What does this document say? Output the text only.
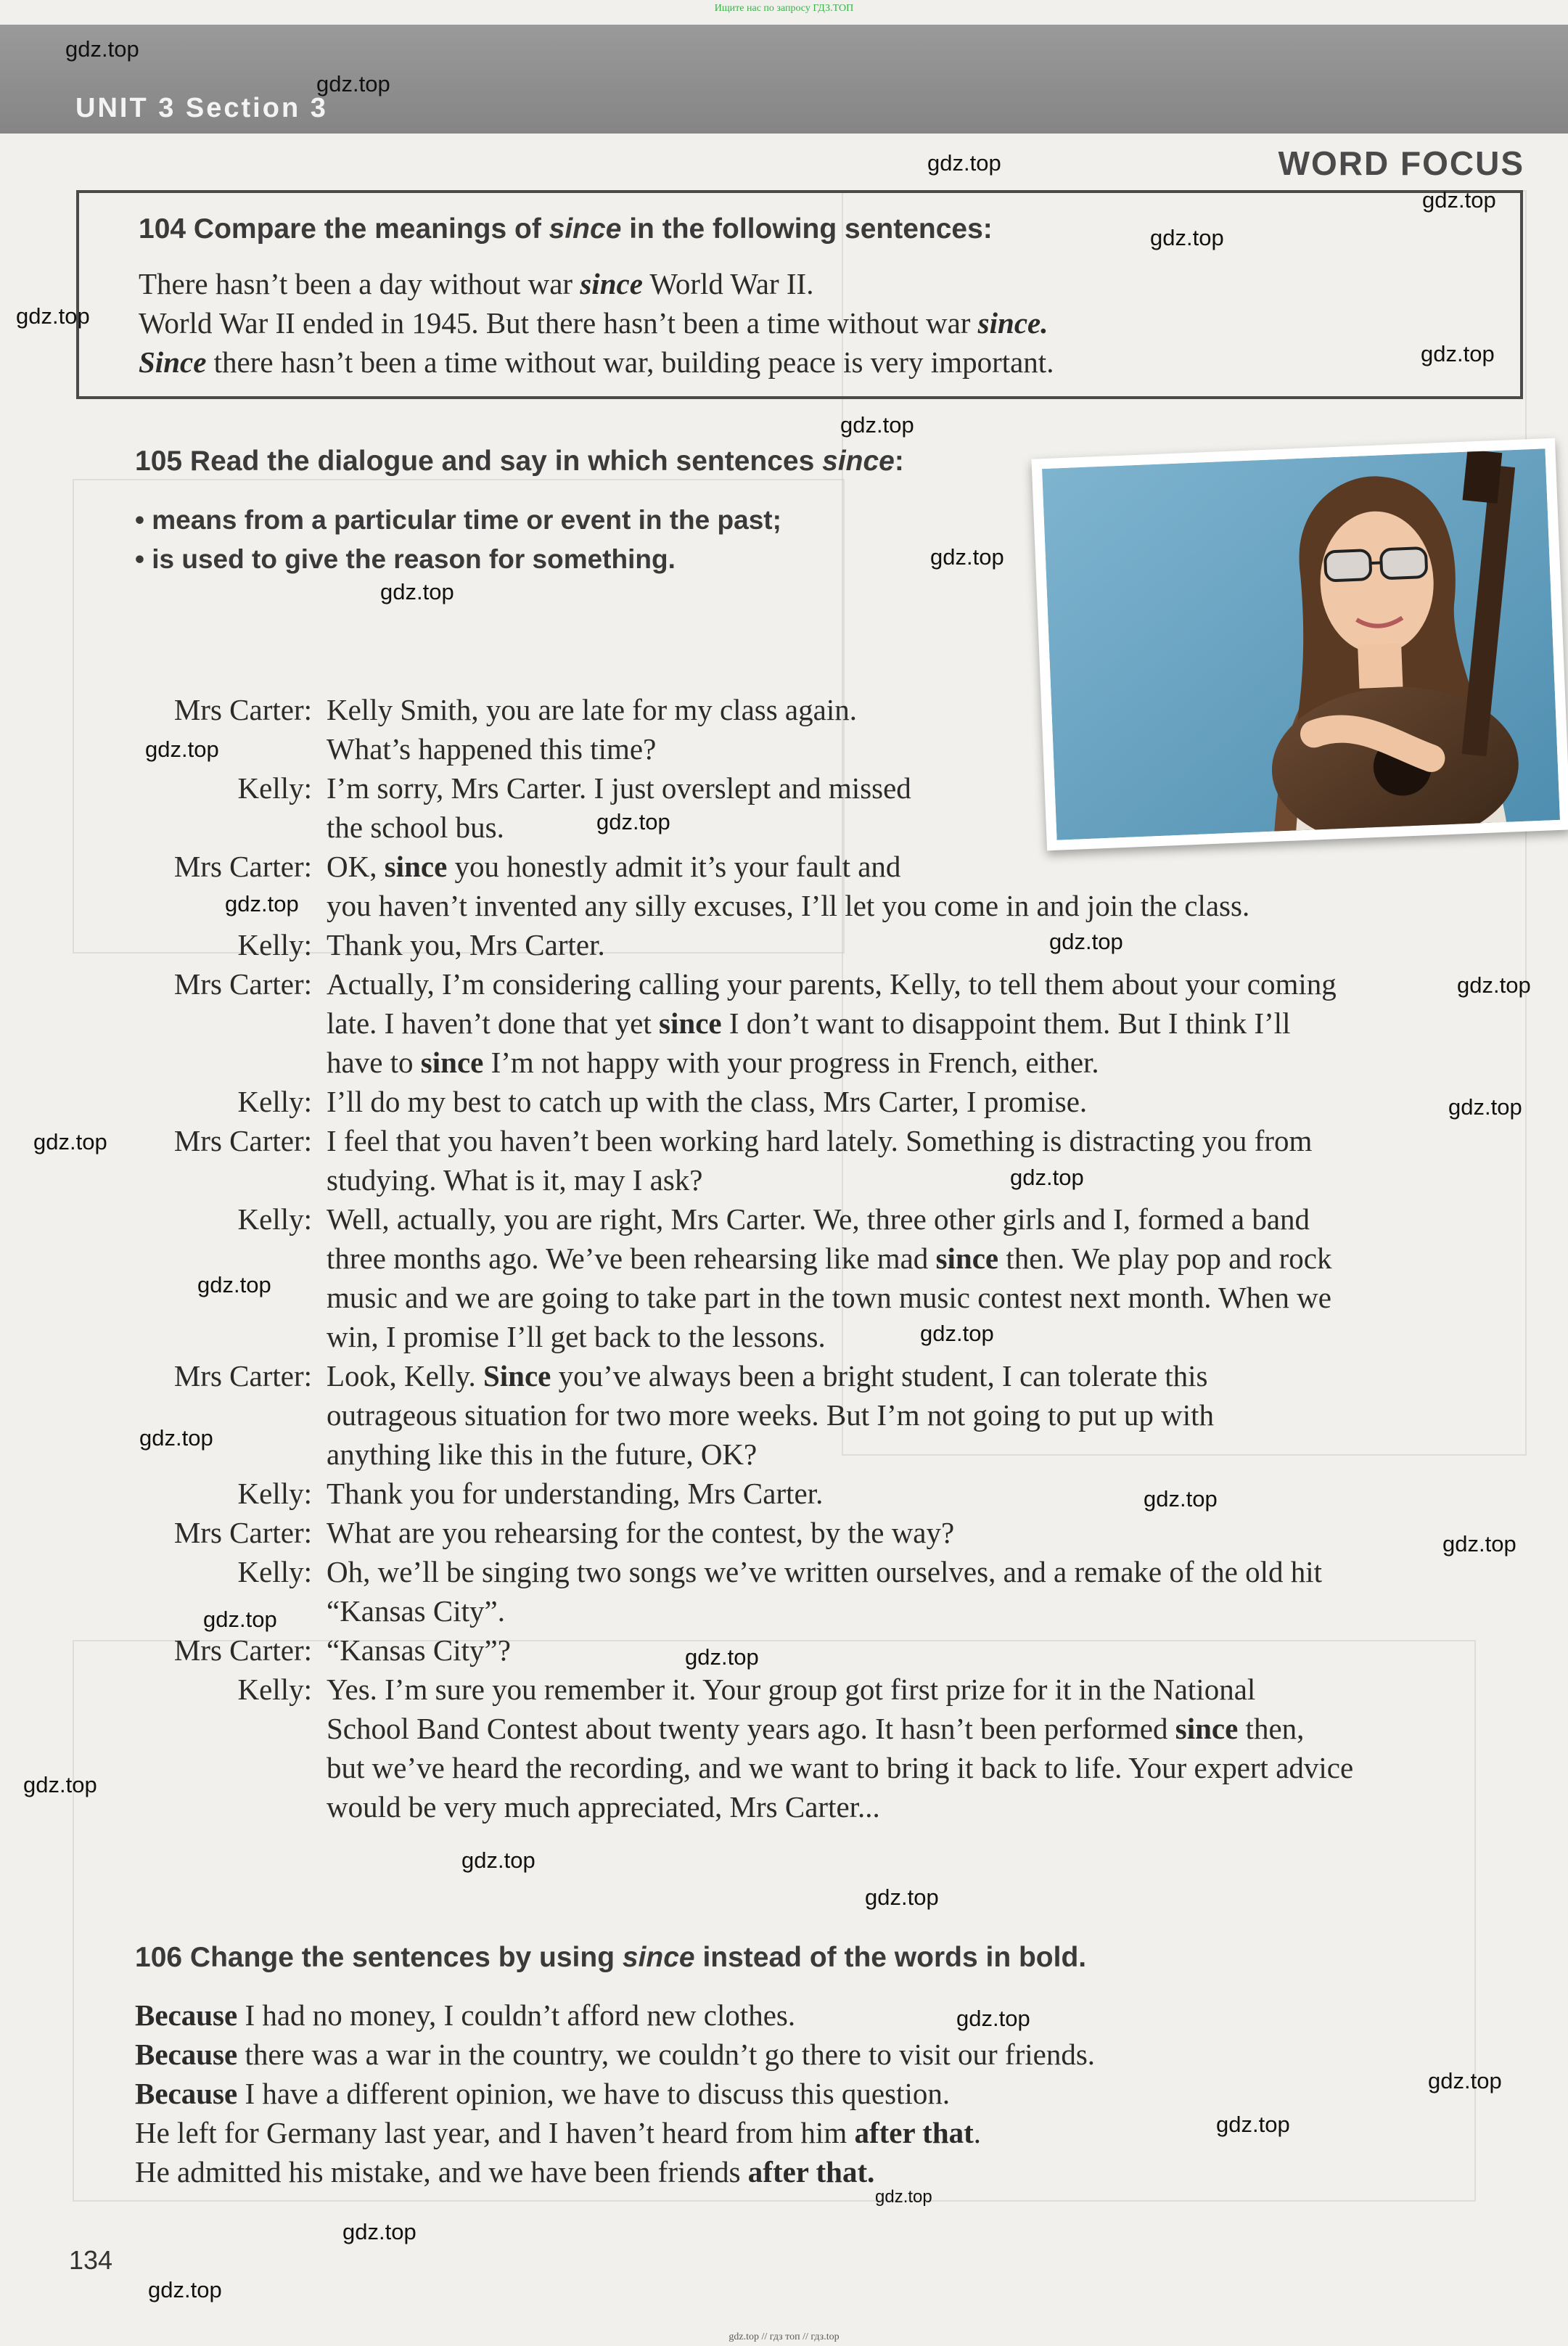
Ищите нас по запросу ГДЗ.ТОП
UNIT 3 Section 3
WORD FOCUS
104 Compare the meanings of since in the following sentences:
There hasn’t been a day without war since World War II.
World War II ended in 1945. But there hasn’t been a time without war since.
Since there hasn’t been a time without war, building peace is very important.
105 Read the dialogue and say in which sentences since:
• means from a particular time or event in the past;
• is used to give the reason for something.
Mrs Carter: Kelly Smith, you are late for my class again.
What’s happened this time?
Kelly: I’m sorry, Mrs Carter. I just overslept and missed
the school bus.
Mrs Carter: OK, since you honestly admit it’s your fault and
you haven’t invented any silly excuses, I’ll let you come in and join the class.
Kelly: Thank you, Mrs Carter.
Mrs Carter: Actually, I’m considering calling your parents, Kelly, to tell them about your coming
late. I haven’t done that yet since I don’t want to disappoint them. But I think I’ll
have to since I’m not happy with your progress in French, either.
Kelly: I’ll do my best to catch up with the class, Mrs Carter, I promise.
Mrs Carter: I feel that you haven’t been working hard lately. Something is distracting you from
studying. What is it, may I ask?
Kelly: Well, actually, you are right, Mrs Carter. We, three other girls and I, formed a band
three months ago. We’ve been rehearsing like mad since then. We play pop and rock
music and we are going to take part in the town music contest next month. When we
win, I promise I’ll get back to the lessons.
Mrs Carter: Look, Kelly. Since you’ve always been a bright student, I can tolerate this
outrageous situation for two more weeks. But I’m not going to put up with
anything like this in the future, OK?
Kelly: Thank you for understanding, Mrs Carter.
Mrs Carter: What are you rehearsing for the contest, by the way?
Kelly: Oh, we’ll be singing two songs we’ve written ourselves, and a remake of the old hit
“Kansas City”.
Mrs Carter: “Kansas City”?
Kelly: Yes. I’m sure you remember it. Your group got first prize for it in the National
School Band Contest about twenty years ago. It hasn’t been performed since then,
but we’ve heard the recording, and we want to bring it back to life. Your expert advice
would be very much appreciated, Mrs Carter...
106 Change the sentences by using since instead of the words in bold.
Because I had no money, I couldn’t afford new clothes.
Because there was a war in the country, we couldn’t go there to visit our friends.
Because I have a different opinion, we have to discuss this question.
He left for Germany last year, and I haven’t heard from him after that.
He admitted his mistake, and we have been friends after that.
134
gdz.top
gdz.top
gdz.top
gdz.top
gdz.top
gdz.top
gdz.top
gdz.top
gdz.top
gdz.top
gdz.top
gdz.top
gdz.top
gdz.top
gdz.top
gdz.top
gdz.top
gdz.top
gdz.top
gdz.top
gdz.top
gdz.top
gdz.top
gdz.top
gdz.top
gdz.top
gdz.top
gdz.top
gdz.top
gdz.top
gdz.top
gdz.top
gdz.top
gdz.top
gdz.top // гдз топ // гдз.top
